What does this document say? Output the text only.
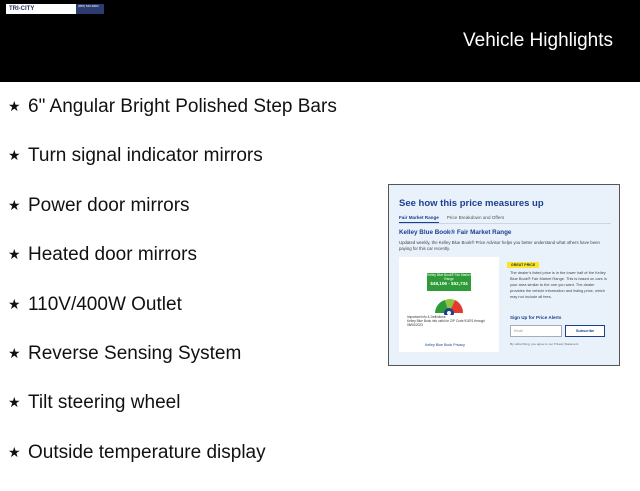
TRI-CITY	(855) 540-8484
Vehicle Highlights
★ 6" Angular Bright Polished Step Bars
★ Turn signal indicator mirrors
★ Power door mirrors
★ Heated door mirrors
★ 110V/400W Outlet
★ Reverse Sensing System
★ Tilt steering wheel
★ Outside temperature display
See how this price measures up
Fair Market Range Price Breakdown and Offers
Kelley Blue Book® Fair Market Range
Updated weekly, the Kelley Blue Book® Price Advisor helps you better understand what others have been paying for this car recently.
Kelley Blue Book® Fair Market Range
$48,106 - $52,734
Important Info & Definitions
Kelley Blue Book info valid for ZIP Code 91876 through 08/06/2023
Kelley Blue Book Privacy
GREAT PRICE
The dealer's listed price is in the lower half of the Kelley Blue Book® Fair Market Range. This is based on cars in your area similar to the one you want. The dealer provides the vehicle information and listing price, which may not include all fees.
Sign Up for Price Alerts
Email	Subscribe
By subscribing, you agree to our Privacy Statement
